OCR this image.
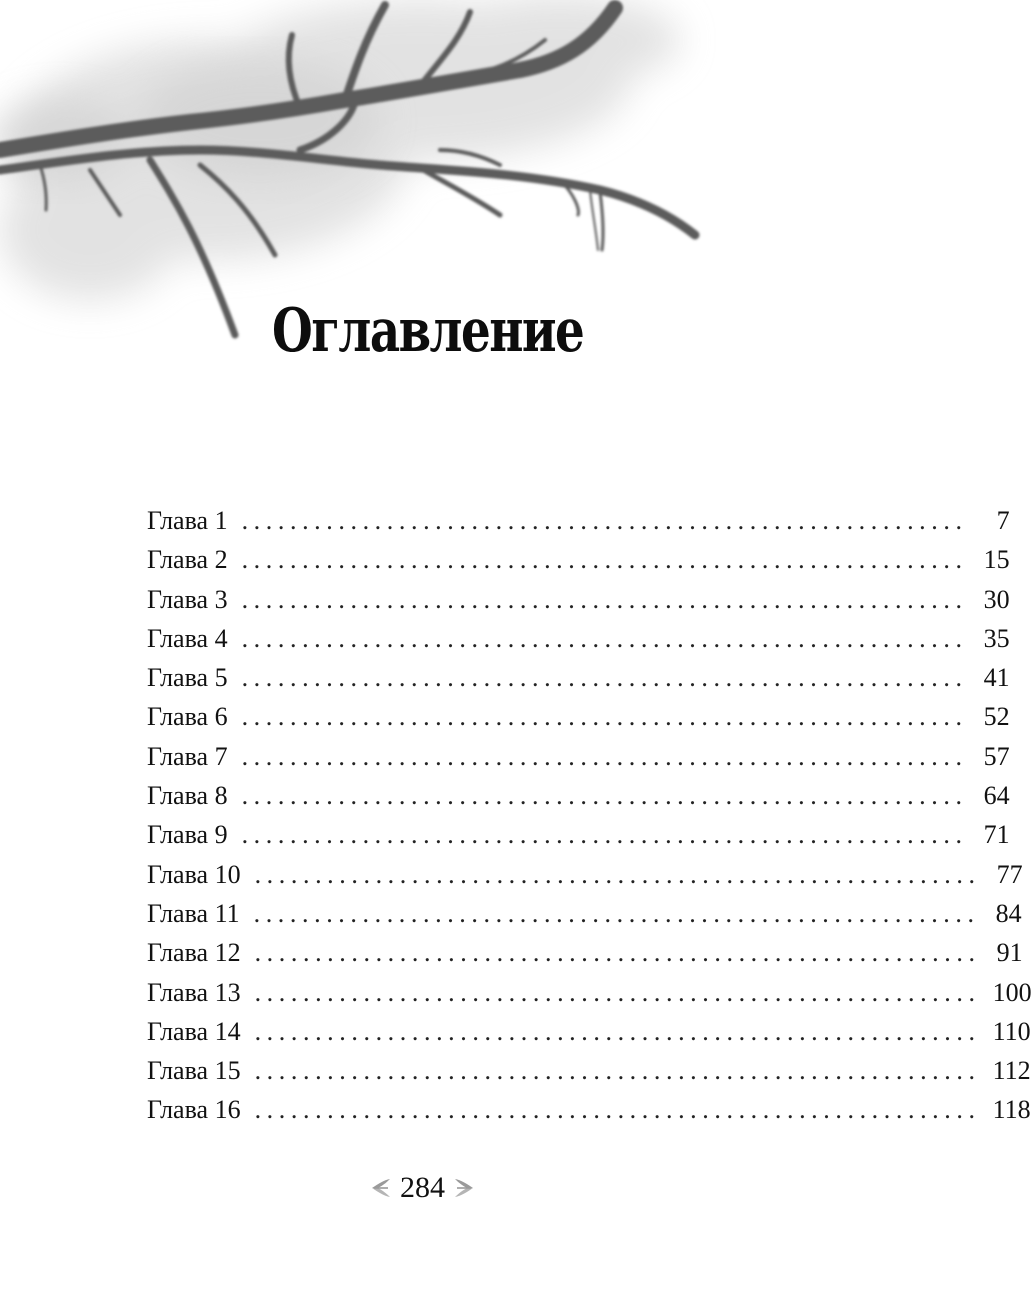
Оглавление
Глава 1 ............................................................	7
Глава 2 ............................................................ 15
Глава 3 ............................................................ 30
Глава 4 ............................................................ 35
Глава 5 ............................................................ 41
Глава 6 ............................................................ 52
Глава 7 ............................................................ 57
Глава 8 ............................................................ 64
Глава 9 ............................................................ 71
Глава 10 ............................................................ 77
Глава 11 ............................................................ 84
Глава 12 ............................................................ 91
Глава 13 ............................................................ 100
Глава 14 ............................................................ 110
Глава 15 ............................................................ 112
Глава 16 ............................................................ 118
284
